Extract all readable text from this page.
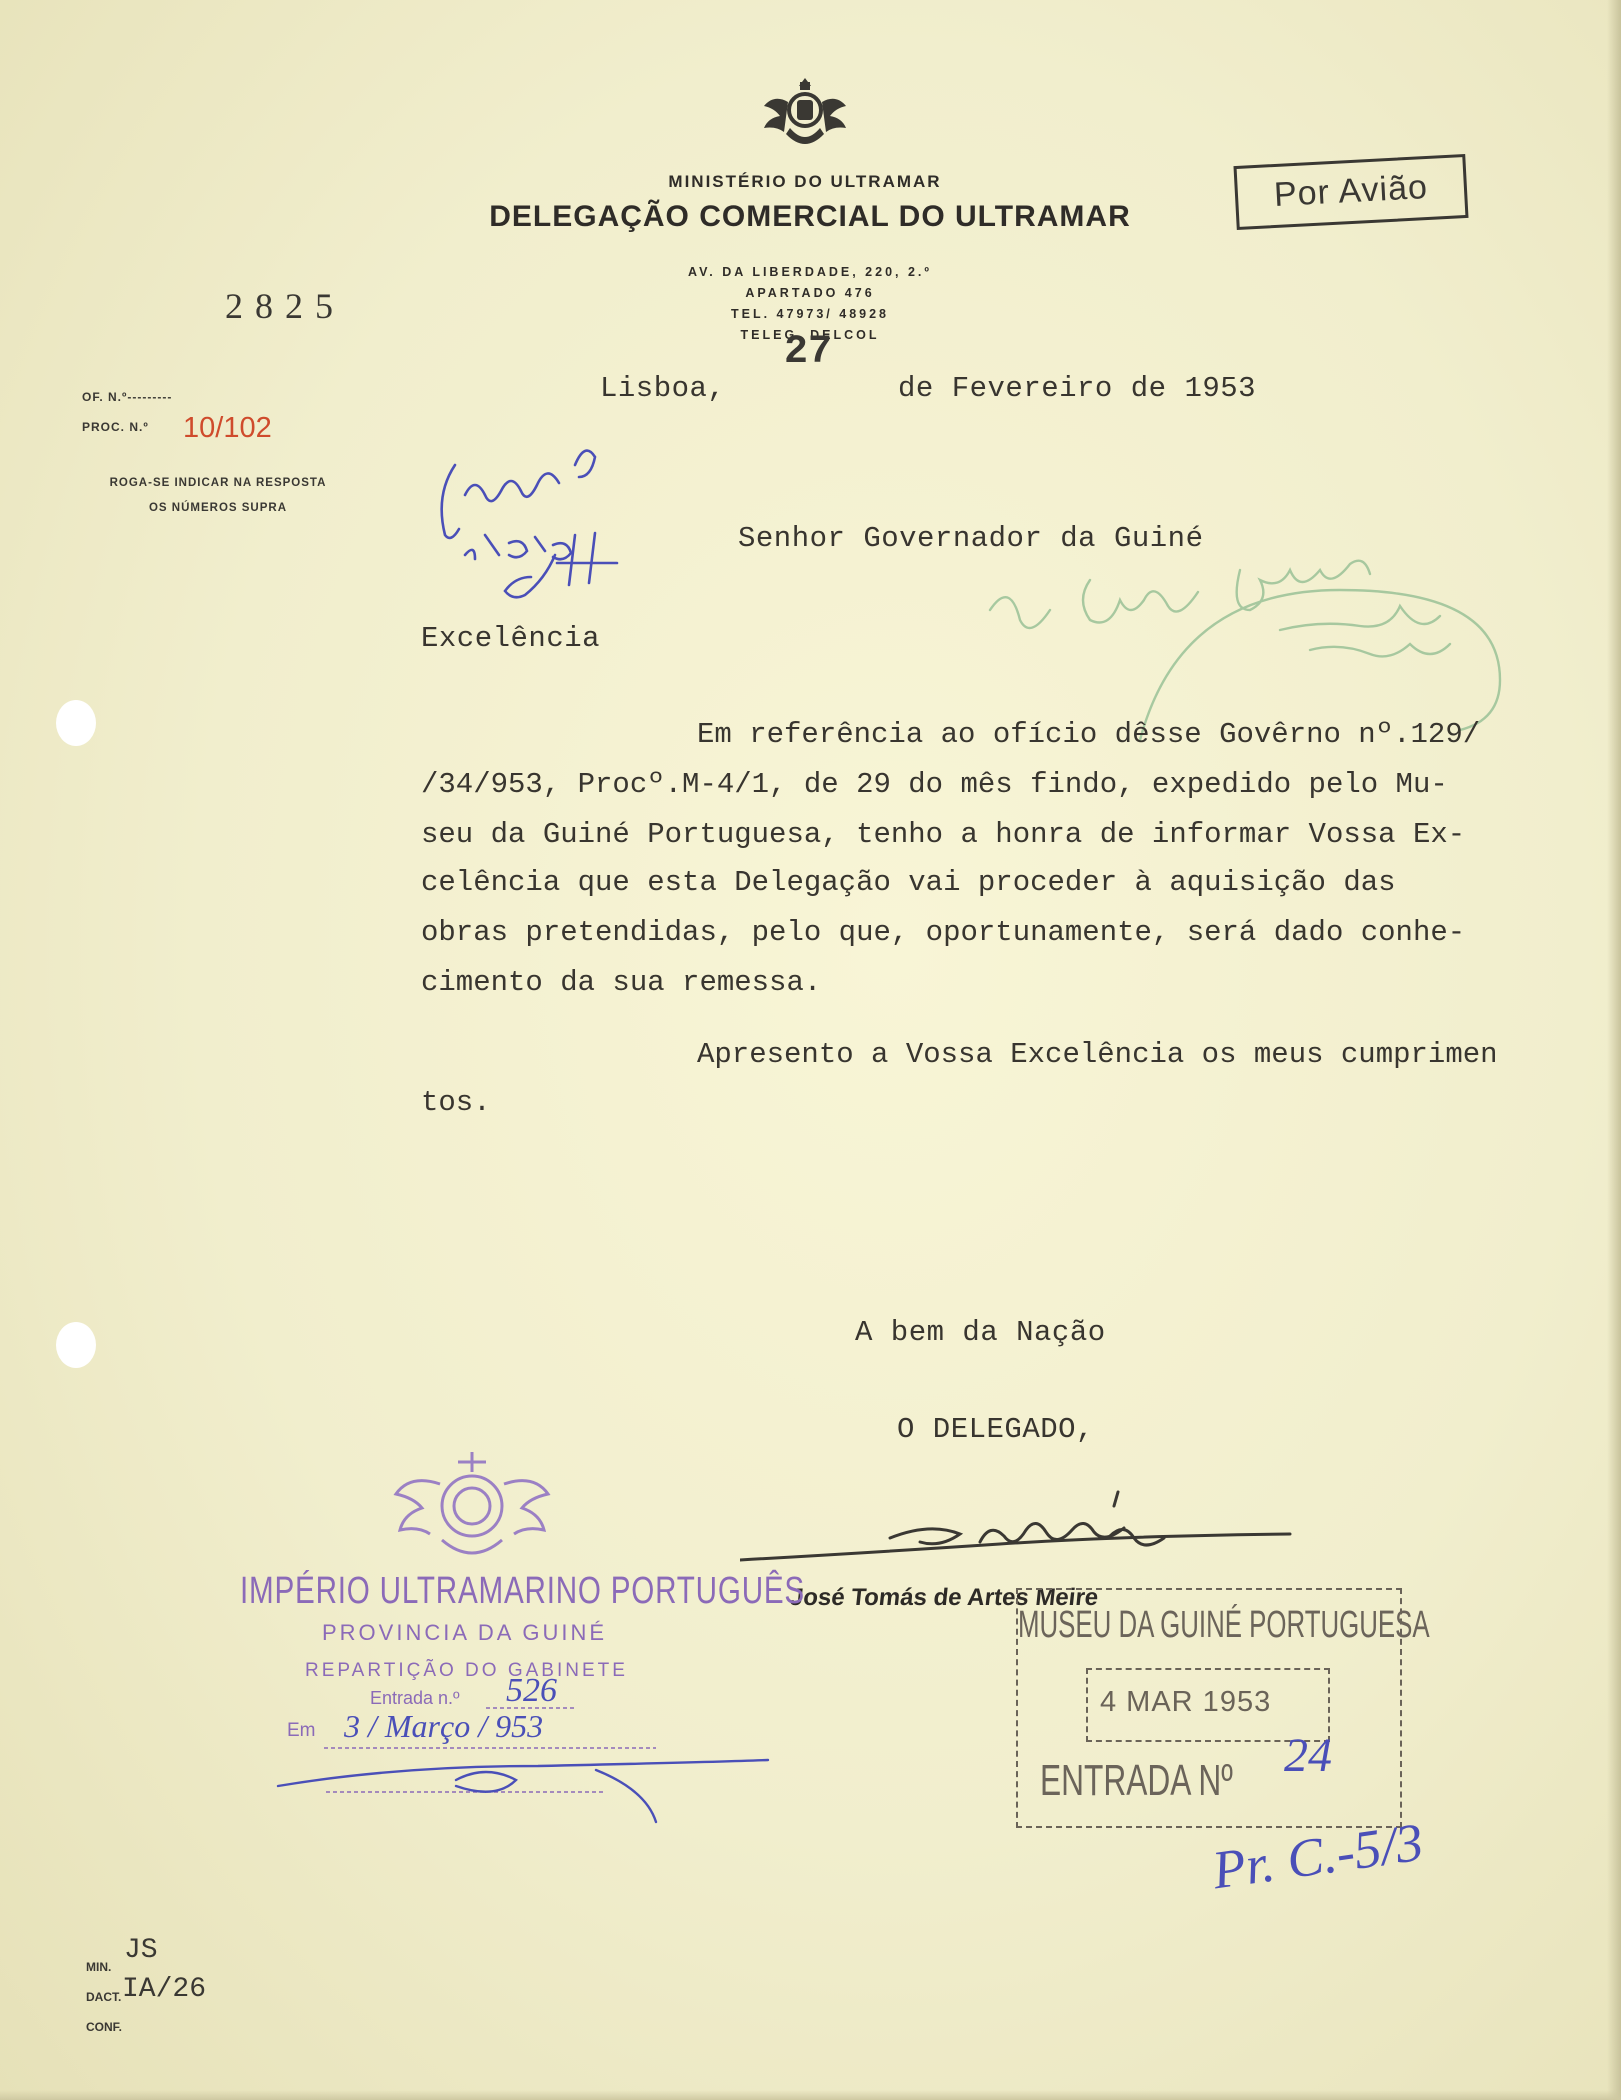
MINISTÉRIO DO ULTRAMAR
DELEGAÇÃO COMERCIAL DO ULTRAMAR
AV. DA LIBERDADE, 220, 2.º
APARTADO 476
TEL. 47973/ 48928
TELEG. DELCOL
Por Avião
2825
OF. N.º---------
PROC. N.º 10/102
ROGA-SE INDICAR NA RESPOSTA
OS NÚMEROS SUPRA
Lisboa,
27
de Fevereiro de 1953
Senhor Governador da Guiné
Excelência
Em referência ao ofício dêsse Govêrno nº.129/
/34/953, Procº.M-4/1, de 29 do mês findo, expedido pelo Mu-
seu da Guiné Portuguesa, tenho a honra de informar Vossa Ex-
celência que esta Delegação vai proceder à aquisição das
obras pretendidas, pelo que, oportunamente, será dado conhe-
cimento da sua remessa.
Apresento a Vossa Excelência os meus cumprimen
tos.
A bem da Nação
O DELEGADO,
José Tomás de Artes Meire
IMPÉRIO ULTRAMARINO PORTUGUÊS
PROVINCIA DA GUINÉ
REPARTIÇÃO DO GABINETE
Entrada n.º 526
Em 3 / Março / 953
MUSEU DA GUINÉ PORTUGUESA
4 MAR 1953
ENTRADA Nº 24
Pr. C.-5/3
MIN.
JS
DACT. IA/26
CONF.
